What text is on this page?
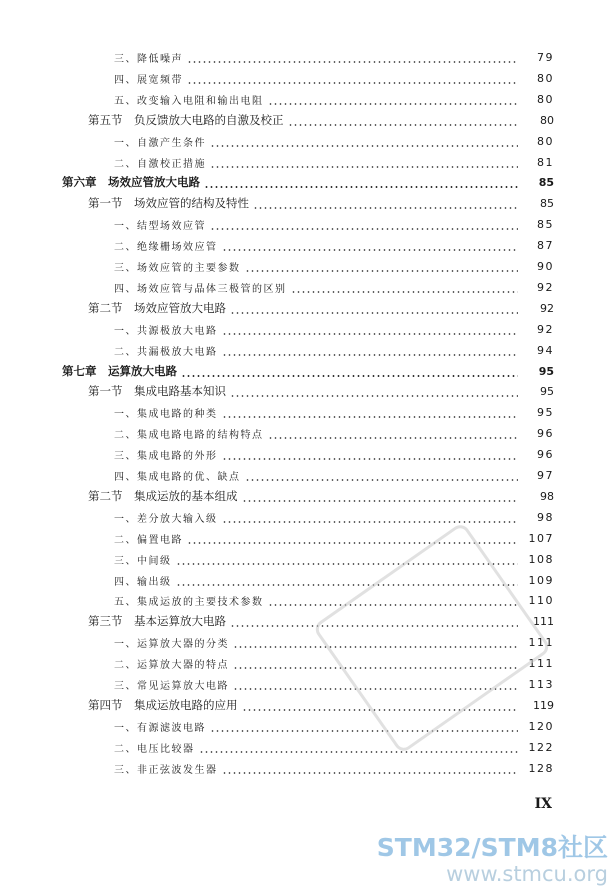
三、降低噪声	79
四、展宽频带	80
五、改变输入电阻和输出电阻	80
第五节　负反馈放大电路的自激及校正	80
一、自激产生条件	80
二、自激校正措施	81
第六章　场效应管放大电路	85
第一节　场效应管的结构及特性	85
一、结型场效应管	85
二、绝缘栅场效应管	87
三、场效应管的主要参数	90
四、场效应管与晶体三极管的区别	92
第二节　场效应管放大电路	92
一、共源极放大电路	92
二、共漏极放大电路	94
第七章　运算放大电路	95
第一节　集成电路基本知识	95
一、集成电路的种类	95
二、集成电路电路的结构特点	96
三、集成电路的外形	96
四、集成电路的优、缺点	97
第二节　集成运放的基本组成	98
一、差分放大输入级	98
二、偏置电路	107
三、中间级	108
四、输出级	109
五、集成运放的主要技术参数	110
第三节　基本运算放大电路	111
一、运算放大器的分类	111
二、运算放大器的特点	111
三、常见运算放大电路	113
第四节　集成运放电路的应用	119
一、有源滤波电路	120
二、电压比较器	122
三、非正弦波发生器	128
IX
STM32/STM8社区
www.stmcu.org
